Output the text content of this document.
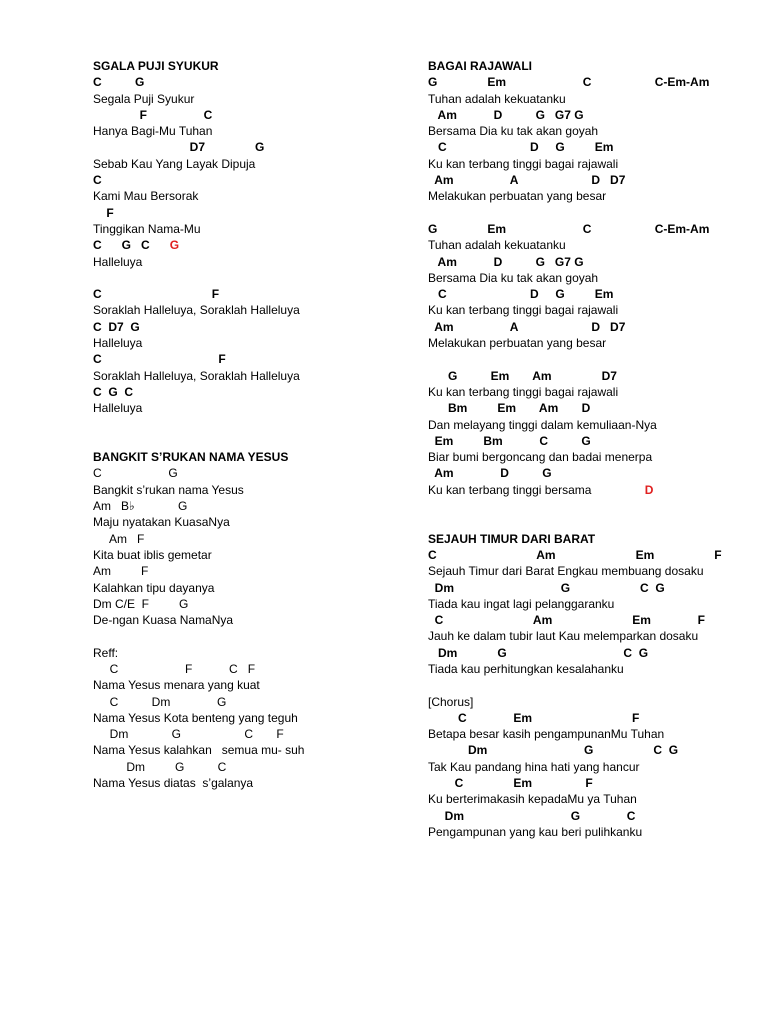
SGALA PUJI SYUKUR
C          G
Segala Puji Syukur
F                 C
Hanya Bagi-Mu Tuhan
D7               G
Sebab Kau Yang Layak Dipuja
C
Kami Mau Bersorak
F
Tinggikan Nama-Mu
C      G   C      G
Halleluya
C                                 F
Soraklah Halleluya, Soraklah Halleluya
C  D7  G
Halleluya
C                                   F
Soraklah Halleluya, Soraklah Halleluya
C  G  C
Halleluya
BANGKIT S’RUKAN NAMA YESUS
C                    G
Bangkit s’rukan nama Yesus
Am   B♭             G
Maju nyatakan KuasaNya
Am   F
Kita buat iblis gemetar
Am         F
Kalahkan tipu dayanya
Dm C/E  F         G
De-ngan Kuasa NamaNya
Reff:
C                    F           C   F
Nama Yesus menara yang kuat
C          Dm              G
Nama Yesus Kota benteng yang teguh
Dm             G                   C       F
Nama Yesus kalahkan   semua mu- suh
Dm         G          C
Nama Yesus diatas  s’galanya
BAGAI RAJAWALI
G               Em                       C                   C-Em-Am
Tuhan adalah kekuatanku
Am           D          G   G7 G
Bersama Dia ku tak akan goyah
C                         D     G         Em
Ku kan terbang tinggi bagai rajawali
Am                 A                      D   D7
Melakukan perbuatan yang besar
G               Em                       C                   C-Em-Am
Tuhan adalah kekuatanku
Am           D          G   G7 G
Bersama Dia ku tak akan goyah
C                         D     G         Em
Ku kan terbang tinggi bagai rajawali
Am                 A                      D   D7
Melakukan perbuatan yang besar
G          Em       Am               D7
Ku kan terbang tinggi bagai rajawali
Bm         Em       Am       D
Dan melayang tinggi dalam kemuliaan-Nya
Em         Bm           C          G
Biar bumi bergoncang dan badai menerpa
Am              D          G
Ku kan terbang tinggi bersama                D
SEJAUH TIMUR DARI BARAT
C                              Am                        Em                  F
Sejauh Timur dari Barat Engkau membuang dosaku
Dm                                G                     C  G
Tiada kau ingat lagi pelanggaranku
C                           Am                        Em              F
Jauh ke dalam tubir laut Kau melemparkan dosaku
Dm            G                                   C  G
Tiada kau perhitungkan kesalahanku
[Chorus]
C              Em                              F
Betapa besar kasih pengampunanMu Tuhan
Dm                             G                  C  G
Tak Kau pandang hina hati yang hancur
C               Em                F
Ku berterimakasih kepadaMu ya Tuhan
Dm                                G              C
Pengampunan yang kau beri pulihkanku
